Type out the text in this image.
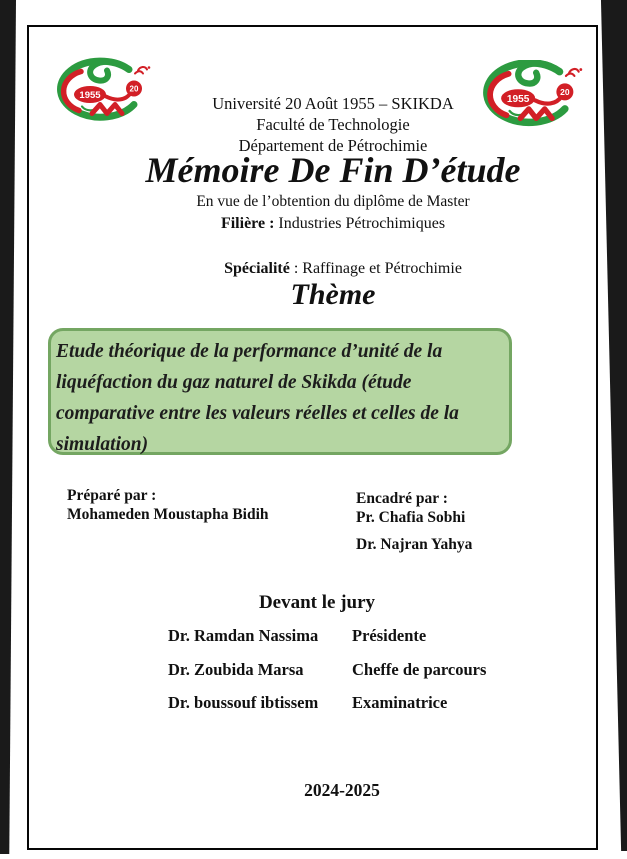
1955
20
1955
20
Université 20 Août 1955 – SKIKDA
Faculté de Technologie
Département de Pétrochimie
Mémoire De Fin D’étude
En vue de l’obtention du diplôme de Master
Filière : Industries Pétrochimiques
Spécialité : Raffinage et Pétrochimie
Thème
Etude théorique de la performance d’unité de la
liquéfaction du gaz naturel de Skikda (étude
comparative entre les valeurs réelles et celles de la
simulation)
Préparé par :
Mohameden Moustapha Bidih
Encadré par :
Pr. Chafia Sobhi
Dr. Najran Yahya
Devant le jury
Dr. Ramdan Nassima	Présidente
Dr. Zoubida Marsa	Cheffe de parcours
Dr. boussouf ibtissem	Examinatrice
2024-2025
